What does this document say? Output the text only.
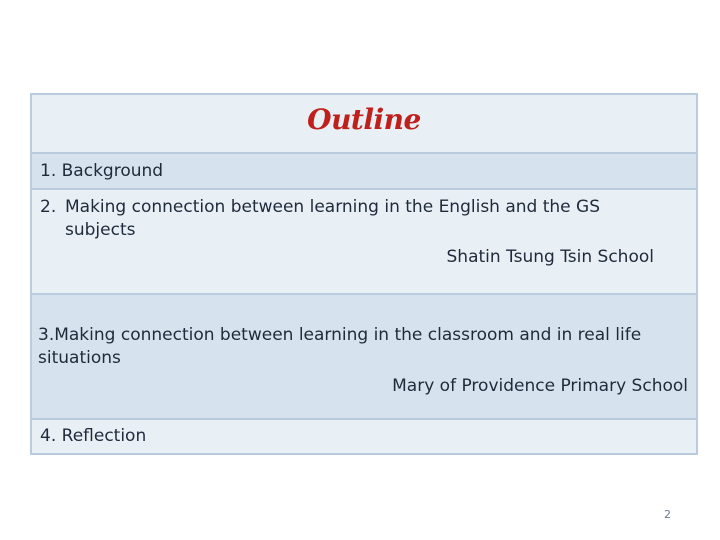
Outline
1. Background
2. Making connection between learning in the English and the GS subjects
Shatin Tsung Tsin School
3.Making connection between learning in the classroom and in real life situations
Mary of Providence Primary School
4. Reflection
2
